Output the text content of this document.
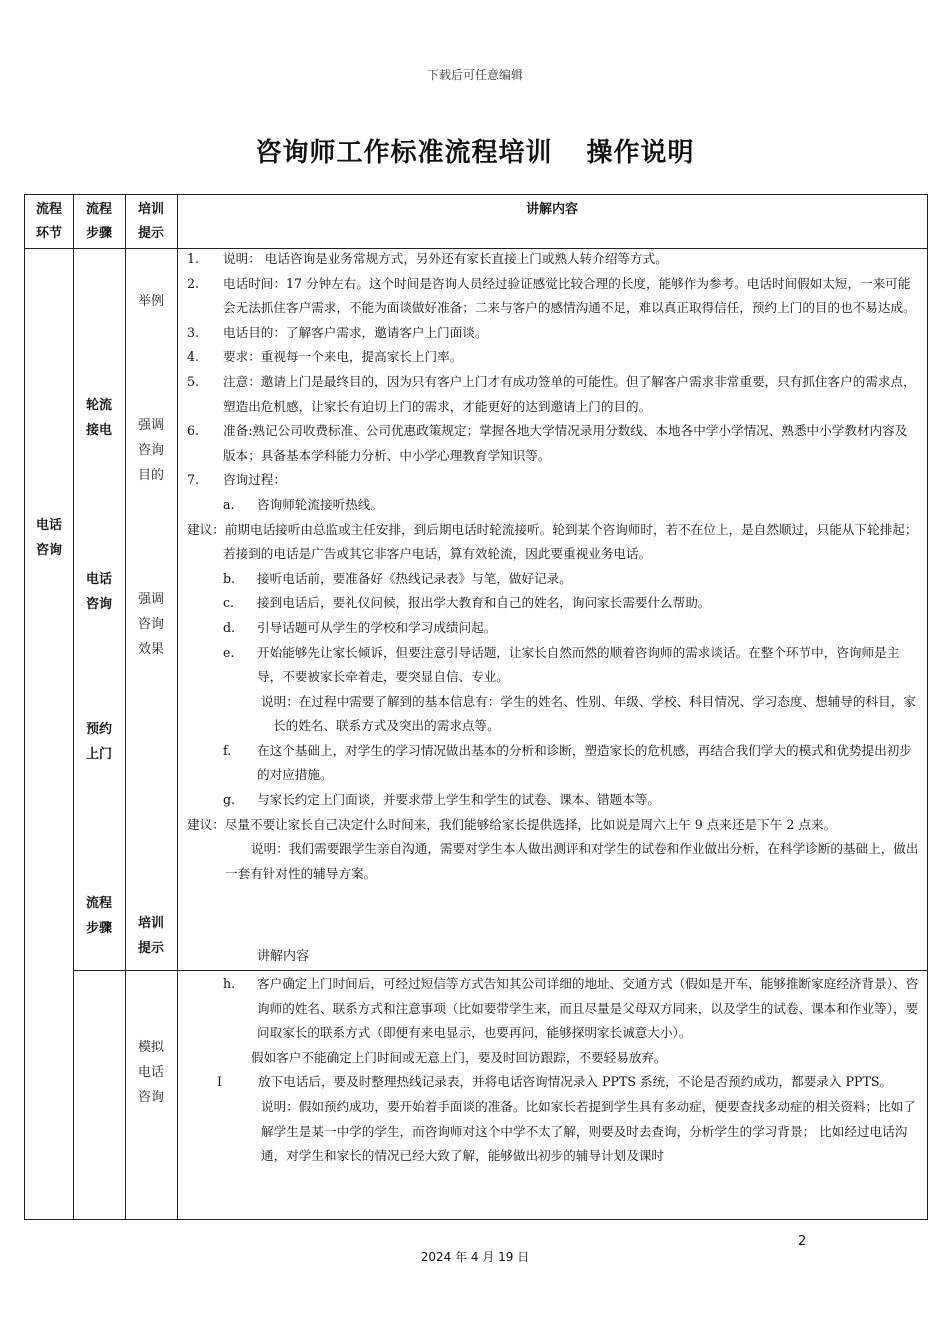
下载后可任意编辑
咨询师工作标准流程培训 操作说明
流程
环节
流程
步骤
培训
提示
讲解内容
电话
咨询
轮流
接电
电话
咨询
预约
上门
流程
步骤
举例
强调
咨询
目的
强调
咨询
效果
培训
提示
模拟
电话
咨询
1. 说明： 电话咨询是业务常规方式，另外还有家长直接上门或熟人转介绍等方式。
2. 电话时间：17 分钟左右。这个时间是咨询人员经过验证感觉比较合理的长度，能够作为参考。电话时间假如太短，一来可能会无法抓住客户需求，不能为面谈做好准备；二来与客户的感情沟通不足，难以真正取得信任，预约上门的目的也不易达成。
3. 电话目的：了解客户需求，邀请客户上门面谈。
4. 要求：重视每一个来电，提高家长上门率。
5. 注意：邀请上门是最终目的，因为只有客户上门才有成功签单的可能性。但了解客户需求非常重要，只有抓住客户的需求点，塑造出危机感，让家长有迫切上门的需求，才能更好的达到邀请上门的目的。
6. 准备:熟记公司收费标准、公司优惠政策规定；掌握各地大学情况录用分数线、本地各中学小学情况、熟悉中小学教材内容及版本；具备基本学科能力分析、中小学心理教育学知识等。
7. 咨询过程：
a. 咨询师轮流接听热线。
建议：前期电话接听由总监或主任安排，到后期电话时轮流接听。轮到某个咨询师时，若不在位上，是自然顺过，只能从下轮排起；若接到的电话是广告或其它非客户电话，算有效轮流，因此要重视业务电话。
b. 接听电话前，要准备好《热线记录表》与笔，做好记录。
c. 接到电话后，要礼仪问候，报出学大教育和自己的姓名，询问家长需要什么帮助。
d. 引导话题可从学生的学校和学习成绩问起。
e. 开始能够先让家长倾诉，但要注意引导话题，让家长自然而然的顺着咨询师的需求谈话。在整个环节中，咨询师是主导，不要被家长牵着走，要突显自信、专业。
说明：在过程中需要了解到的基本信息有：学生的姓名、性别、年级、学校、科目情况、学习态度、想辅导的科目，家长的姓名、联系方式及突出的需求点等。
f. 在这个基础上，对学生的学习情况做出基本的分析和诊断，塑造家长的危机感，再结合我们学大的模式和优势提出初步的对应措施。
g. 与家长约定上门面谈，并要求带上学生和学生的试卷、课本、错题本等。
建议：尽量不要让家长自己决定什么时间来，我们能够给家长提供选择，比如说是周六上午 9 点来还是下午 2 点来。
说明：我们需要跟学生亲自沟通，需要对学生本人做出测评和对学生的试卷和作业做出分析，在科学诊断的基础上，做出一套有针对性的辅导方案。
讲解内容
h. 客户确定上门时间后，可经过短信等方式告知其公司详细的地址、交通方式（假如是开车，能够推断家庭经济背景）、咨询师的姓名、联系方式和注意事项（比如要带学生来，而且尽量是父母双方同来，以及学生的试卷、课本和作业等），要问取家长的联系方式（即便有来电显示，也要再问，能够探明家长诚意大小）。
假如客户不能确定上门时间或无意上门，要及时回访跟踪，不要轻易放弃。
I	放下电话后，要及时整理热线记录表，并将电话咨询情况录入 PPTS 系统，不论是否预约成功，都要录入 PPTS。
说明：假如预约成功，要开始着手面谈的准备。比如家长若提到学生具有多动症，便要查找多动症的相关资料；比如了解学生是某一中学的学生，而咨询师对这个中学不太了解，则要及时去查询，分析学生的学习背景； 比如经过电话沟通，对学生和家长的情况已经大致了解，能够做出初步的辅导计划及课时
2
2024 年 4 月 19 日
